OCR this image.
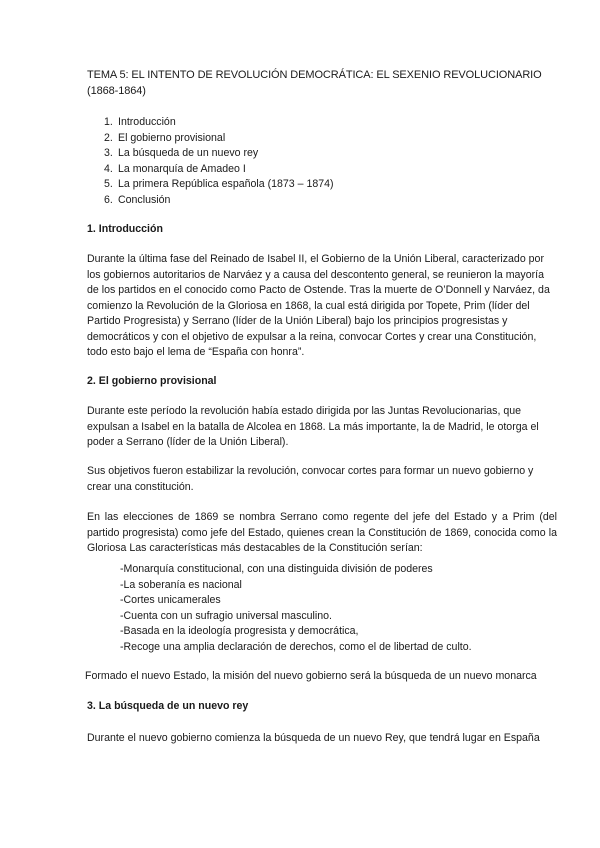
TEMA 5: EL INTENTO DE REVOLUCIÓN DEMOCRÁTICA: EL SEXENIO REVOLUCIONARIO (1868-1864)
1. Introducción
2. El gobierno provisional
3. La búsqueda de un nuevo rey
4. La monarquía de Amadeo I
5. La primera República española (1873 – 1874)
6. Conclusión
1. Introducción

Durante la última fase del Reinado de Isabel II, el Gobierno de la Unión Liberal, caracterizado por los gobiernos autoritarios de Narváez y a causa del descontento general, se reunieron la mayoría de los partidos en el conocido como Pacto de Ostende. Tras la muerte de O’Donnell y Narváez, da comienzo la Revolución de la Gloriosa en 1868, la cual está dirigida por Topete, Prim (líder del Partido Progresista) y Serrano (líder de la Unión Liberal) bajo los principios progresistas y democráticos y con el objetivo de expulsar a la reina, convocar Cortes y crear una Constitución, todo esto bajo el lema de “España con honra”.

2. El gobierno provisional

Durante este período la revolución había estado dirigida por las Juntas Revolucionarias, que expulsan a Isabel en la batalla de Alcolea en 1868. La más importante, la de Madrid, le otorga el poder a Serrano (líder de la Unión Liberal).

Sus objetivos fueron estabilizar la revolución, convocar cortes para formar un nuevo gobierno y crear una constitución.

En las elecciones de 1869 se nombra Serrano como regente del jefe del Estado y a Prim (del partido progresista) como jefe del Estado, quienes crean la Constitución de 1869, conocida como la Gloriosa Las características más destacables de la Constitución serían:

-Monarquía constitucional, con una distinguida división de poderes
-La soberanía es nacional
-Cortes unicamerales
-Cuenta con un sufragio universal masculino.
-Basada en la ideología progresista y democrática,
-Recoge una amplia declaración de derechos, como el de libertad de culto.

Formado el nuevo Estado, la misión del nuevo gobierno será la búsqueda de un nuevo monarca

3. La búsqueda de un nuevo rey

Durante el nuevo gobierno comienza la búsqueda de un nuevo Rey, que tendrá lugar en España
